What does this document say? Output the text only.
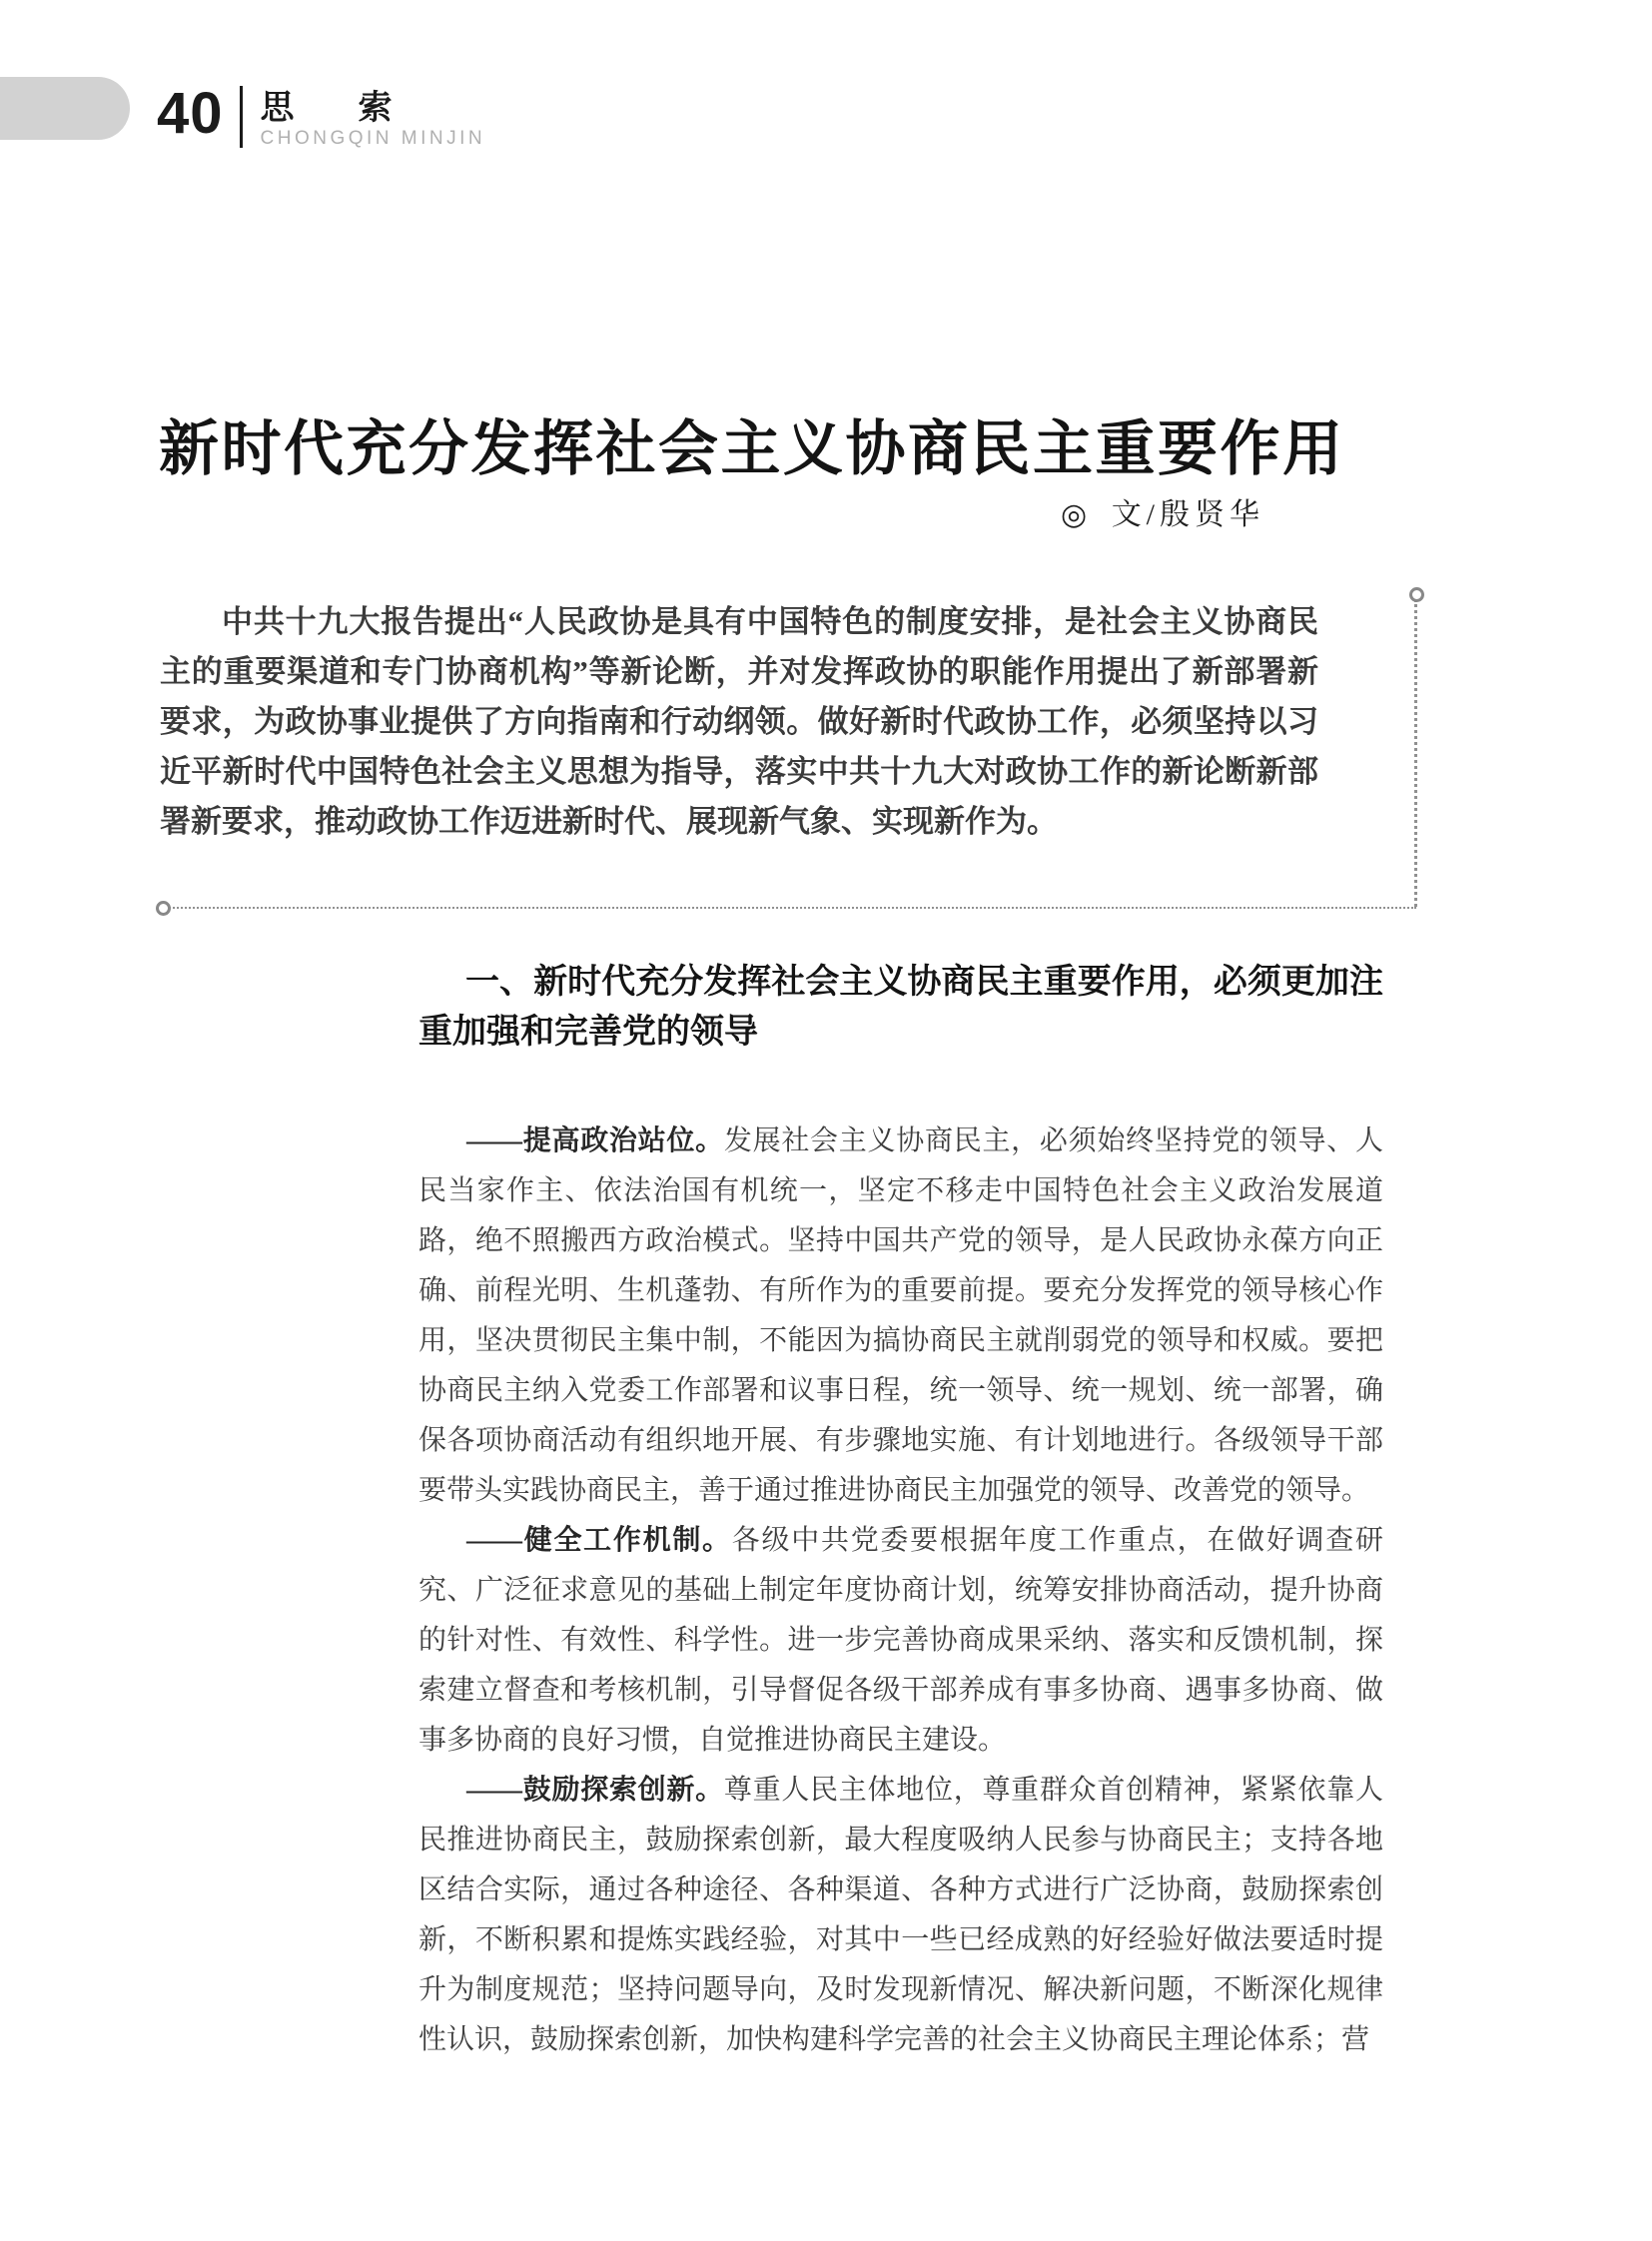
40 思 索
CHONGQIN MINJIN
新时代充分发挥社会主义协商民主重要作用
◎ 文/殷贤华

中共十九大报告提出“人民政协是具有中国特色的制度安排，是社会主义协商民主的重要渠道和专门协商机构”等新论断，并对发挥政协的职能作用提出了新部署新要求，为政协事业提供了方向指南和行动纲领。做好新时代政协工作，必须坚持以习近平新时代中国特色社会主义思想为指导，落实中共十九大对政协工作的新论断新部署新要求，推动政协工作迈进新时代、展现新气象、实现新作为。

一、新时代充分发挥社会主义协商民主重要作用，必须更加注重加强和完善党的领导

——提高政治站位。发展社会主义协商民主，必须始终坚持党的领导、人民当家作主、依法治国有机统一，坚定不移走中国特色社会主义政治发展道路，绝不照搬西方政治模式。坚持中国共产党的领导，是人民政协永葆方向正确、前程光明、生机蓬勃、有所作为的重要前提。要充分发挥党的领导核心作用，坚决贯彻民主集中制，不能因为搞协商民主就削弱党的领导和权威。要把协商民主纳入党委工作部署和议事日程，统一领导、统一规划、统一部署，确保各项协商活动有组织地开展、有步骤地实施、有计划地进行。各级领导干部要带头实践协商民主，善于通过推进协商民主加强党的领导、改善党的领导。

——健全工作机制。各级中共党委要根据年度工作重点，在做好调查研究、广泛征求意见的基础上制定年度协商计划，统筹安排协商活动，提升协商的针对性、有效性、科学性。进一步完善协商成果采纳、落实和反馈机制，探索建立督查和考核机制，引导督促各级干部养成有事多协商、遇事多协商、做事多协商的良好习惯，自觉推进协商民主建设。

——鼓励探索创新。尊重人民主体地位，尊重群众首创精神，紧紧依靠人民推进协商民主，鼓励探索创新，最大程度吸纳人民参与协商民主；支持各地区结合实际，通过各种途径、各种渠道、各种方式进行广泛协商，鼓励探索创新，不断积累和提炼实践经验，对其中一些已经成熟的好经验好做法要适时提升为制度规范；坚持问题导向，及时发现新情况、解决新问题，不断深化规律性认识，鼓励探索创新，加快构建科学完善的社会主义协商民主理论体系；营
